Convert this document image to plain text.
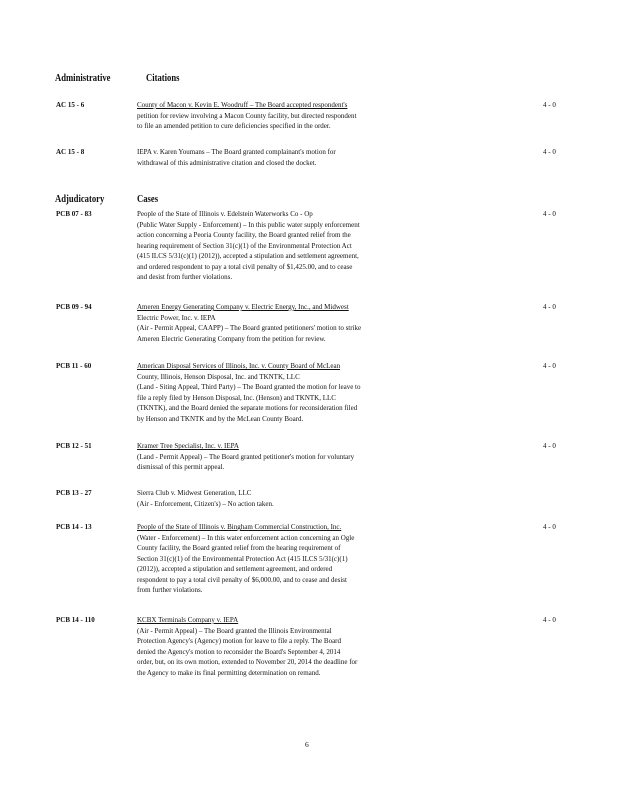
Administrative	Citations
AC 15 - 6	County of Macon v. Kevin E. Woodruff – The Board accepted respondent's
petition for review involving a Macon County facility, but directed respondent
to file an amended petition to cure deficiencies specified in the order.
4 - 0
AC 15 - 8	IEPA v. Karen Youmans – The Board granted complainant's motion for
withdrawal of this administrative citation and closed the docket.
4 - 0
Adjudicatory	Cases
PCB 07 - 83	People of the State of Illinois v. Edelstein Waterworks Co - Op
(Public Water Supply - Enforcement) – In this public water supply enforcement
action concerning a Peoria County facility, the Board granted relief from the
hearing requirement of Section 31(c)(1) of the Environmental Protection Act
(415 ILCS 5/31(c)(1) (2012)), accepted a stipulation and settlement agreement,
and ordered respondent to pay a total civil penalty of $1,425.00, and to cease
and desist from further violations.
4 - 0
PCB 09 - 94	Ameren Energy Generating Company v. Electric Energy, Inc., and Midwest
Electric Power, Inc. v. IEPA
(Air - Permit Appeal, CAAPP) – The Board granted petitioners' motion to strike
Ameren Electric Generating Company from the petition for review.
4 - 0
PCB 11 - 60	American Disposal Services of Illinois, Inc. v. County Board of McLean
County, Illinois, Henson Disposal, Inc. and TKNTK, LLC
(Land - Siting Appeal, Third Party) – The Board granted the motion for leave to
file a reply filed by Henson Disposal, Inc. (Henson) and TKNTK, LLC
(TKNTK), and the Board denied the separate motions for reconsideration filed
by Henson and TKNTK and by the McLean County Board.
4 - 0
PCB 12 - 51	Kramer Tree Specialist, Inc. v. IEPA
(Land - Permit Appeal) – The Board granted petitioner's motion for voluntary
dismissal of this permit appeal.
4 - 0
PCB 13 - 27	Sierra Club v. Midwest Generation, LLC
(Air - Enforcement, Citizen's) – No action taken.
PCB 14 - 13	People of the State of Illinois v. Bingham Commercial Construction, Inc.
(Water - Enforcement) – In this water enforcement action concerning an Ogle
County facility, the Board granted relief from the hearing requirement of
Section 31(c)(1) of the Environmental Protection Act (415 ILCS 5/31(c)(1)
(2012)), accepted a stipulation and settlement agreement, and ordered
respondent to pay a total civil penalty of $6,000.00, and to cease and desist
from further violations.
4 - 0
PCB 14 - 110	KCBX Terminals Company v. IEPA
(Air - Permit Appeal) – The Board granted the Illinois Environmental
Protection Agency's (Agency) motion for leave to file a reply. The Board
denied the Agency's motion to reconsider the Board's September 4, 2014
order, but, on its own motion, extended to November 20, 2014 the deadline for
the Agency to make its final permitting determination on remand.
4 - 0
6
